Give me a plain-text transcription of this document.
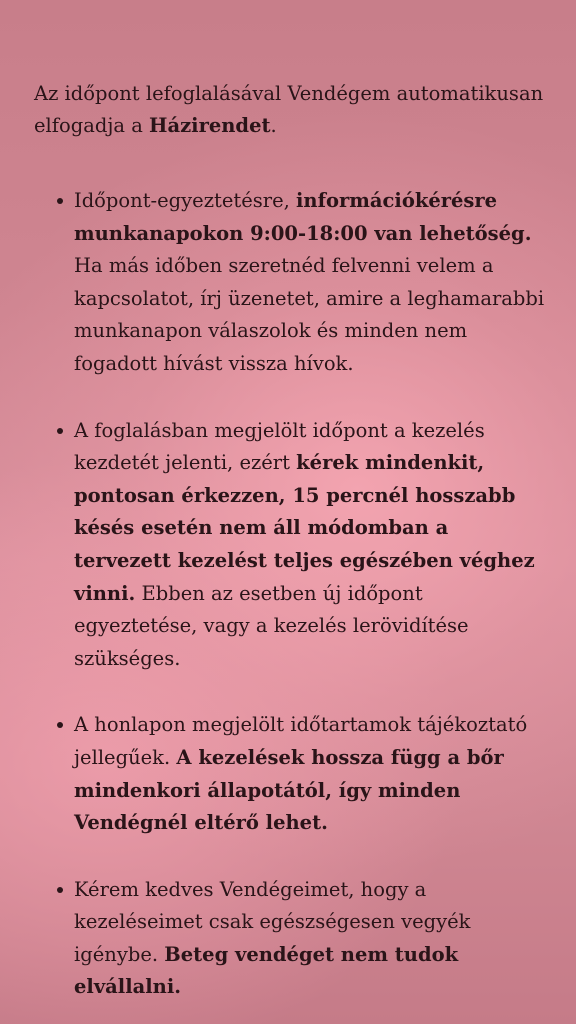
Az időpont lefoglalásával Vendégem automatikusan elfogadja a Házirendet.

Időpont-egyeztetésre, információkérésre munkanapokon 9:00-18:00 van lehetőség. Ha más időben szeretnéd felvenni velem a kapcsolatot, írj üzenetet, amire a leghamarabbi munkanapon válaszolok és minden nem fogadott hívást vissza hívok.
A foglalásban megjelölt időpont a kezelés kezdetét jelenti, ezért kérek mindenkit, pontosan érkezzen, 15 percnél hosszabb késés esetén nem áll módomban a tervezett kezelést teljes egészében véghez vinni. Ebben az esetben új időpont egyeztetése, vagy a kezelés lerövidítése szükséges.
A honlapon megjelölt időtartamok tájékoztató jellegűek. A kezelések hossza függ a bőr mindenkori állapotától, így minden Vendégnél eltérő lehet.
Kérem kedves Vendégeimet, hogy a kezeléseimet csak egészségesen vegyék igénybe. Beteg vendéget nem tudok elvállalni.
